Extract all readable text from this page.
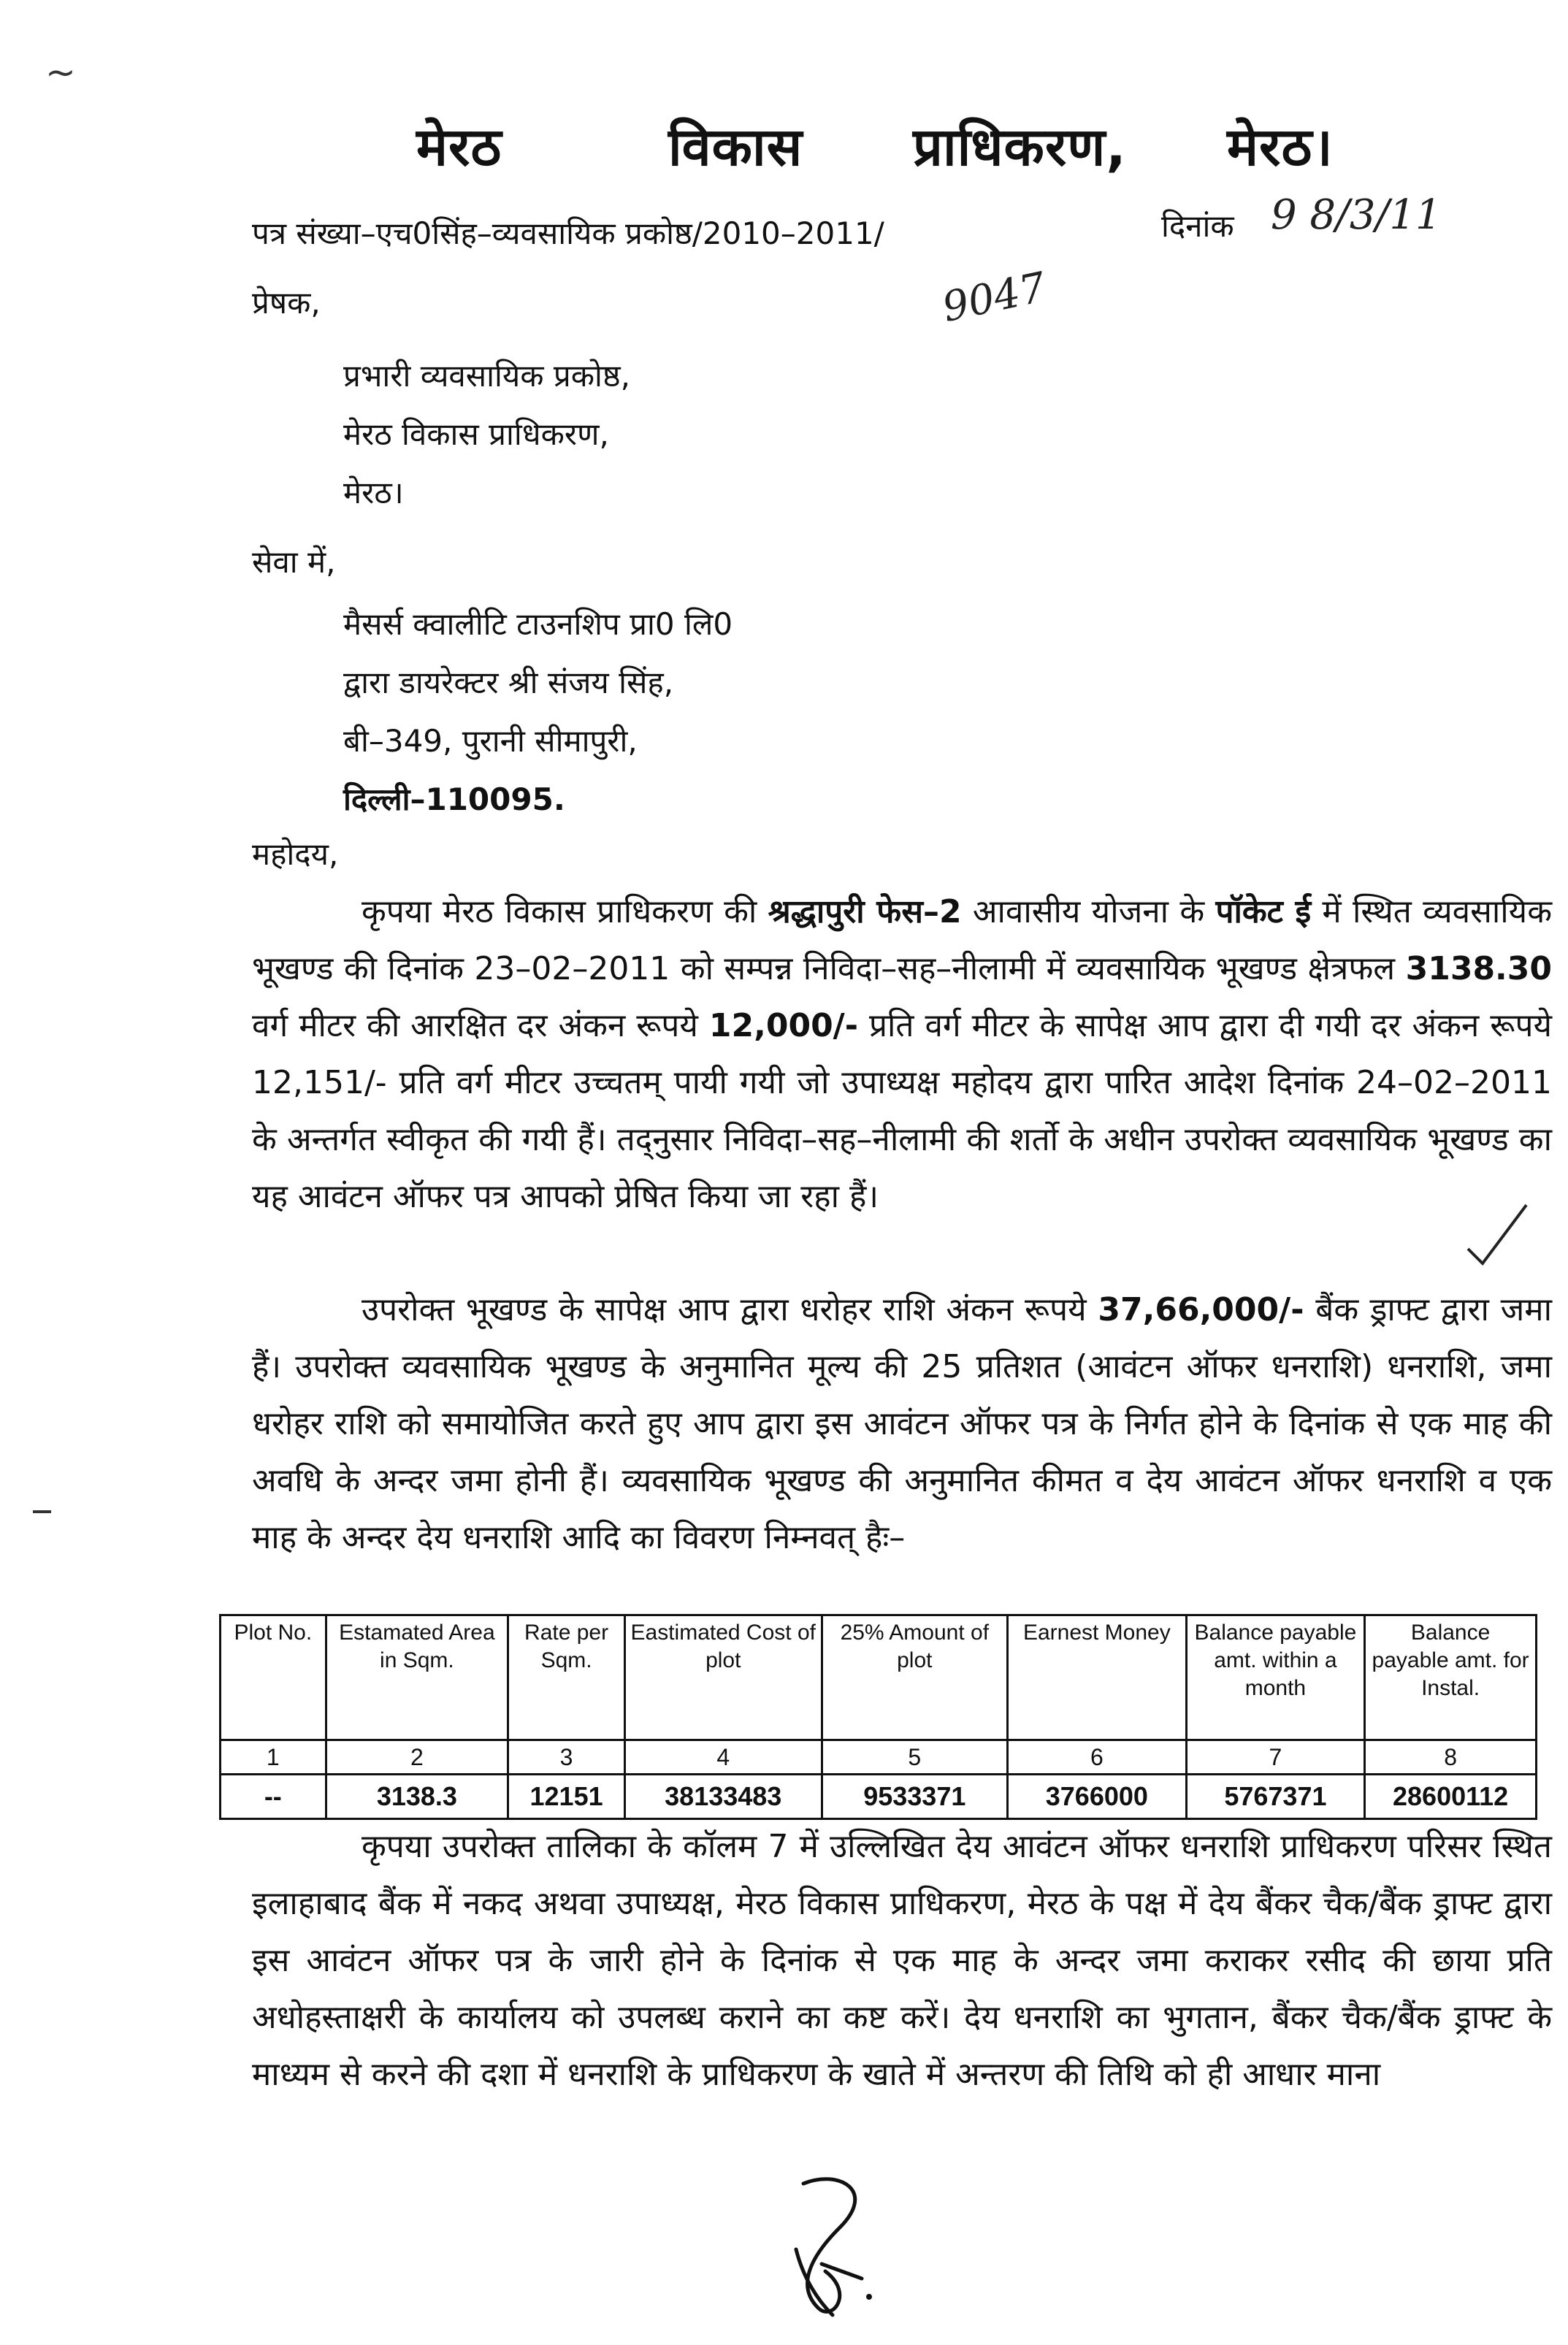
~
मेरठ	विकास प्राधिकरण, मेरठ।
पत्र संख्या–एच0सिंह–व्यवसायिक प्रकोष्ठ/2010–2011/	दिनांक 9 8/3/11
9047
प्रेषक,
प्रभारी व्यवसायिक प्रकोष्ठ,
मेरठ विकास प्राधिकरण,
मेरठ।
सेवा में,
मैसर्स क्वालीटि टाउनशिप प्रा0 लि0
द्वारा डायरेक्टर श्री संजय सिंह,
बी–349, पुरानी सीमापुरी,
दिल्ली–110095.
महोदय,

कृपया मेरठ विकास प्राधिकरण की श्रद्धापुरी फेस–2 आवासीय योजना के पॉकेट ई में स्थित व्यवसायिक भूखण्ड की दिनांक 23–02–2011 को सम्पन्न निविदा–सह–नीलामी में व्यवसायिक भूखण्ड क्षेत्रफल 3138.30 वर्ग मीटर की आरक्षित दर अंकन रूपये 12,000/- प्रति वर्ग मीटर के सापेक्ष आप द्वारा दी गयी दर अंकन रूपये 12,151/- प्रति वर्ग मीटर उच्चतम् पायी गयी जो उपाध्यक्ष महोदय द्वारा पारित आदेश दिनांक 24–02–2011 के अन्तर्गत स्वीकृत की गयी हैं। तद्नुसार निविदा–सह–नीलामी की शर्तो के अधीन उपरोक्त व्यवसायिक भूखण्ड का यह आवंटन ऑफर पत्र आपको प्रेषित किया जा रहा हैं।

उपरोक्त भूखण्ड के सापेक्ष आप द्वारा धरोहर राशि अंकन रूपये 37,66,000/- बैंक ड्राफ्ट द्वारा जमा हैं। उपरोक्त व्यवसायिक भूखण्ड के अनुमानित मूल्य की 25 प्रतिशत (आवंटन ऑफर धनराशि) धनराशि, जमा धरोहर राशि को समायोजित करते हुए आप द्वारा इस आवंटन ऑफर पत्र के निर्गत होने के दिनांक से एक माह की अवधि के अन्दर जमा होनी हैं। व्यवसायिक भूखण्ड की अनुमानित कीमत व देय आवंटन ऑफर धनराशि व एक माह के अन्दर देय धनराशि आदि का विवरण निम्नवत् हैः–

Plot No.	Estamated Area in Sqm.	Rate per Sqm.	Eastimated Cost of plot	25% Amount of plot	Earnest Money	Balance payable amt. within a month	Balance payable amt. for Instal.
1	2	3	4	5	6	7	8
--	3138.3	12151	38133483	9533371	3766000	5767371	28600112

कृपया उपरोक्त तालिका के कॉलम 7 में उल्लिखित देय आवंटन ऑफर धनराशि प्राधिकरण परिसर स्थित इलाहाबाद बैंक में नकद अथवा उपाध्यक्ष, मेरठ विकास प्राधिकरण, मेरठ के पक्ष में देय बैंकर चैक/बैंक ड्राफ्ट द्वारा इस आवंटन ऑफर पत्र के जारी होने के दिनांक से एक माह के अन्दर जमा कराकर रसीद की छाया प्रति अधोहस्ताक्षरी के कार्यालय को उपलब्ध कराने का कष्ट करें। देय धनराशि का भुगतान, बैंकर चैक/बैंक ड्राफ्ट के माध्यम से करने की दशा में धनराशि के प्राधिकरण के खाते में अन्तरण की तिथि को ही आधार माना
